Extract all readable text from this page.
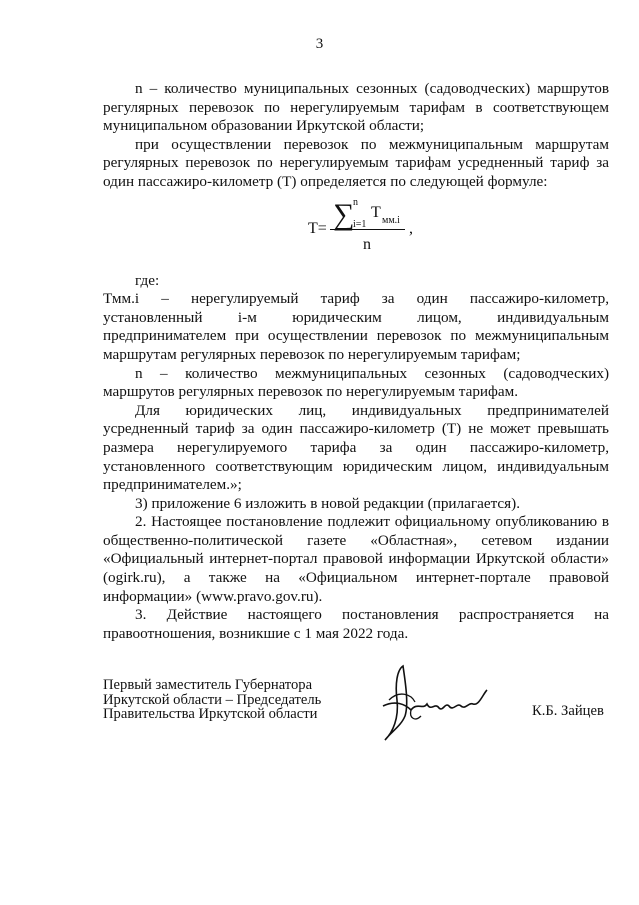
3

n – количество муниципальных сезонных (садоводческих) маршрутов регулярных перевозок по нерегулируемым тарифам в соответствующем муниципальном образовании Иркутской области;

при осуществлении перевозок по межмуниципальным маршрутам регулярных перевозок по нерегулируемым тарифам усредненный тариф за один пассажиро-километр (Т) определяется по следующей формуле:

T= ∑
n
i=1
T мм.i
n
,

где:

Тмм.i – нерегулируемый тариф за один пассажиро-километр,

установленный i-м юридическим лицом, индивидуальным предпринимателем при осуществлении перевозок по межмуниципальным маршрутам регулярных перевозок по нерегулируемым тарифам;

n – количество межмуниципальных сезонных (садоводческих) маршрутов регулярных перевозок по нерегулируемым тарифам.

Для юридических лиц, индивидуальных предпринимателей усредненный тариф за один пассажиро-километр (Т) не может превышать размера нерегулируемого тарифа за один пассажиро-километр, установленного соответствующим юридическим лицом, индивидуальным

предпринимателем.»;

3) приложение 6 изложить в новой редакции (прилагается).

2. Настоящее постановление подлежит официальному опубликованию в общественно-политической газете «Областная», сетевом издании «Официальный интернет-портал правовой информации Иркутской области» (ogirk.ru), а также на «Официальном интернет-портале правовой информации» (www.pravo.gov.ru).

3. Действие настоящего постановления распространяется на правоотношения, возникшие с 1 мая 2022 года.

Первый заместитель Губернатора
Иркутской области – Председатель
Правительства Иркутской области	К.Б. Зайцев
